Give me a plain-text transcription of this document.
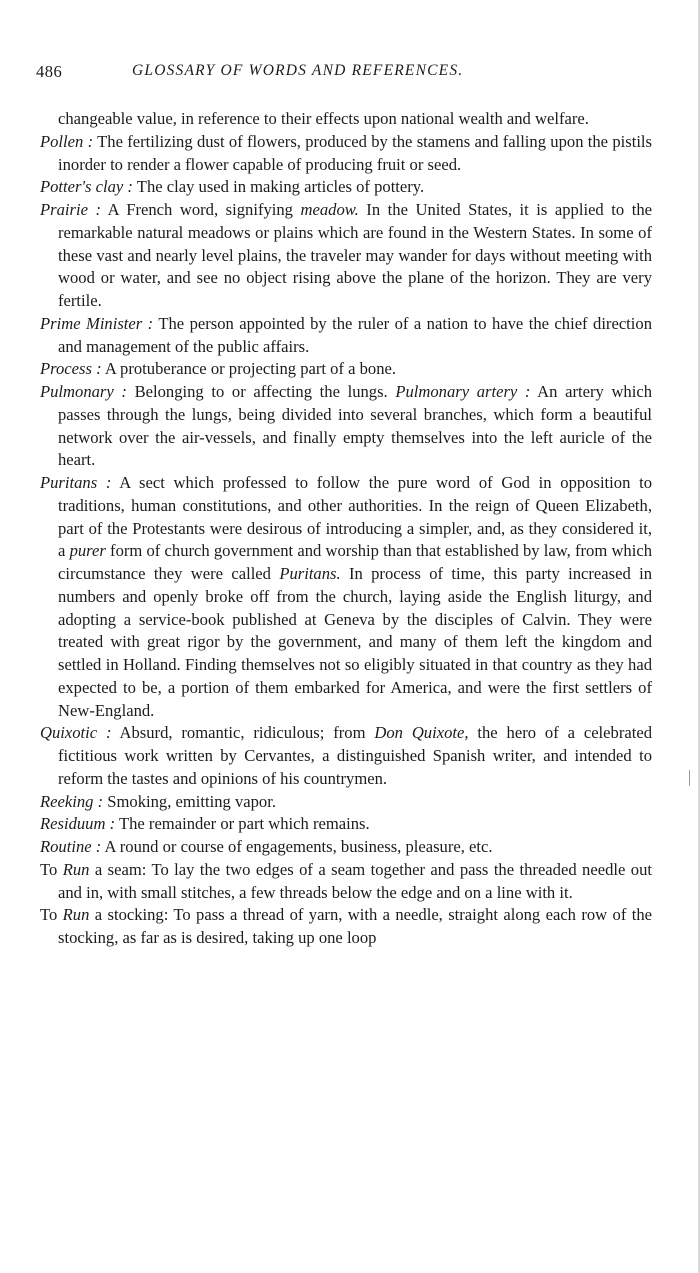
486	GLOSSARY OF WORDS AND REFERENCES.

changeable value, in reference to their effects upon national wealth and welfare.

Pollen : The fertilizing dust of flowers, produced by the stamens and falling upon the pistils inorder to render a flower capable of producing fruit or seed.

Potter's clay : The clay used in making articles of pottery.

Prairie : A French word, signifying meadow. In the United States, it is applied to the remarkable natural meadows or plains which are found in the Western States. In some of these vast and nearly level plains, the traveler may wander for days without meeting with wood or water, and see no object rising above the plane of the horizon. They are very fertile.

Prime Minister : The person appointed by the ruler of a nation to have the chief direction and management of the public affairs.

Process : A protuberance or projecting part of a bone.

Pulmonary : Belonging to or affecting the lungs. Pulmonary artery : An artery which passes through the lungs, being divided into several branches, which form a beautiful network over the air-vessels, and finally empty themselves into the left auricle of the heart.

Puritans : A sect which professed to follow the pure word of God in opposition to traditions, human constitutions, and other authorities. In the reign of Queen Elizabeth, part of the Protestants were desirous of introducing a simpler, and, as they considered it, a purer form of church government and worship than that established by law, from which circumstance they were called Puritans. In process of time, this party increased in numbers and openly broke off from the church, laying aside the English liturgy, and adopting a service-book published at Geneva by the disciples of Calvin. They were treated with great rigor by the government, and many of them left the kingdom and settled in Holland. Finding themselves not so eligibly situated in that country as they had expected to be, a portion of them embarked for America, and were the first settlers of New-England.

Quixotic : Absurd, romantic, ridiculous; from Don Quixote, the hero of a celebrated fictitious work written by Cervantes, a distinguished Spanish writer, and intended to reform the tastes and opinions of his countrymen.

Reeking : Smoking, emitting vapor.

Residuum : The remainder or part which remains.

Routine : A round or course of engagements, business, pleasure, etc.

To Run a seam: To lay the two edges of a seam together and pass the threaded needle out and in, with small stitches, a few threads below the edge and on a line with it.

To Run a stocking: To pass a thread of yarn, with a needle, straight along each row of the stocking, as far as is desired, taking up one loop
